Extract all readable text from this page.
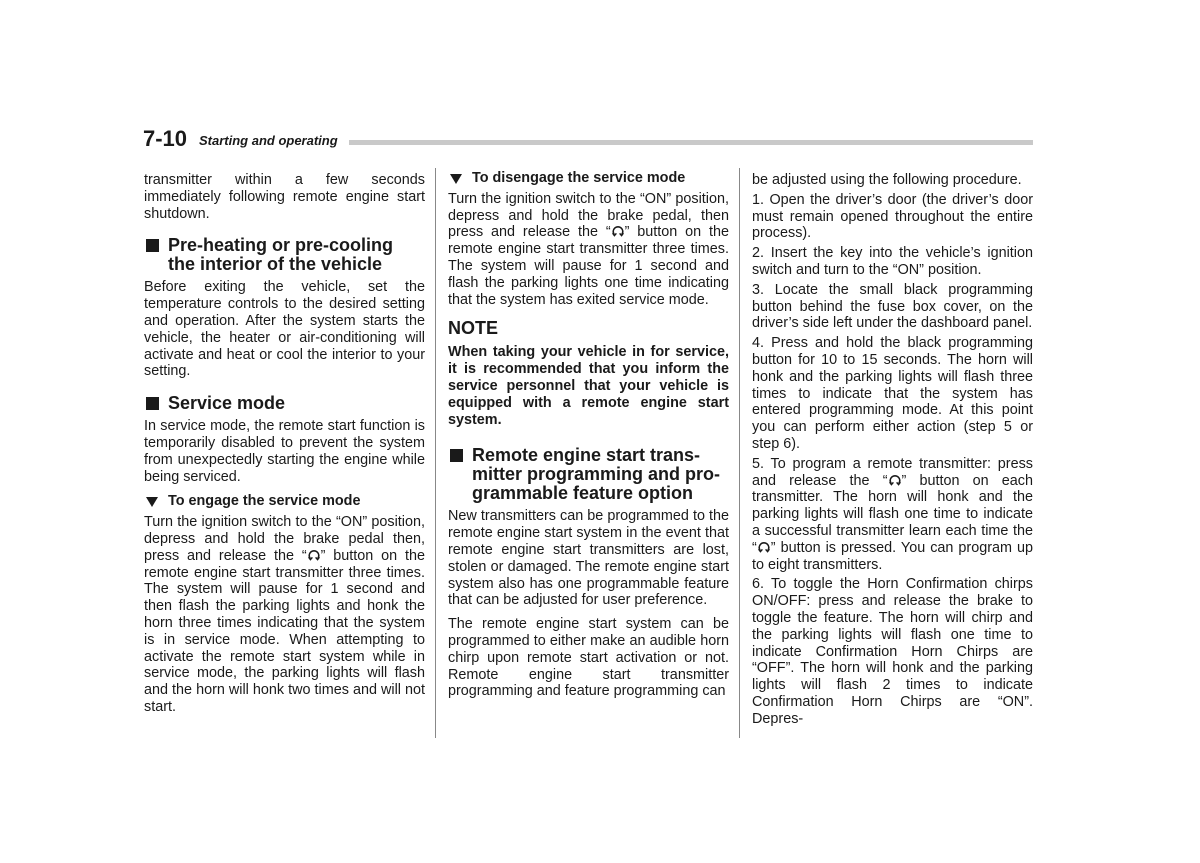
7-10 Starting and operating

transmitter within a few seconds immediately following remote engine start shutdown.

Pre-heating or pre-cooling
the interior of the vehicle

Before exiting the vehicle, set the temperature controls to the desired setting and operation. After the system starts the vehicle, the heater or air-conditioning will activate and heat or cool the interior to your setting.

Service mode

In service mode, the remote start function is temporarily disabled to prevent the system from unexpectedly starting the engine while being serviced.

To engage the service mode

Turn the ignition switch to the “ON” position, depress and hold the brake pedal then, press and release the “ ” button on the remote engine start transmitter three times. The system will pause for 1 second and then flash the parking lights and honk the horn three times indicating that the system is in service mode. When attempting to activate the remote start system while in service mode, the parking lights will flash and the horn will honk two times and will not start.

To disengage the service mode

Turn the ignition switch to the “ON” position, depress and hold the brake pedal, then press and release the “ ” button on the remote engine start transmitter three times. The system will pause for 1 second and flash the parking lights one time indicating that the system has exited service mode.

NOTE

When taking your vehicle in for service, it is recommended that you inform the service personnel that your vehicle is equipped with a remote engine start system.

Remote engine start trans-
mitter programming and pro-
grammable feature option

New transmitters can be programmed to the remote engine start system in the event that remote engine start transmitters are lost, stolen or damaged. The remote engine start system also has one programmable feature that can be adjusted for user preference.

The remote engine start system can be programmed to either make an audible horn chirp upon remote start activation or not. Remote engine start transmitter programming and feature programming can

be adjusted using the following procedure.

1. Open the driver’s door (the driver’s door must remain opened throughout the entire process).
2. Insert the key into the vehicle’s ignition switch and turn to the “ON” position.
3. Locate the small black programming button behind the fuse box cover, on the driver’s side left under the dashboard panel.
4. Press and hold the black programming button for 10 to 15 seconds. The horn will honk and the parking lights will flash three times to indicate that the system has entered programming mode. At this point you can perform either action (step 5 or step 6).
5. To program a remote transmitter: press and release the “ ” button on each transmitter. The horn will honk and the parking lights will flash one time to indicate a successful transmitter learn each time the “ ” button is pressed. You can program up to eight transmitters.
6. To toggle the Horn Confirmation chirps ON/OFF: press and release the brake to toggle the feature. The horn will chirp and the parking lights will flash one time to indicate Confirmation Horn Chirps are “OFF”. The horn will honk and the parking lights will flash 2 times to indicate Confirmation Horn Chirps are “ON”. Depres-
